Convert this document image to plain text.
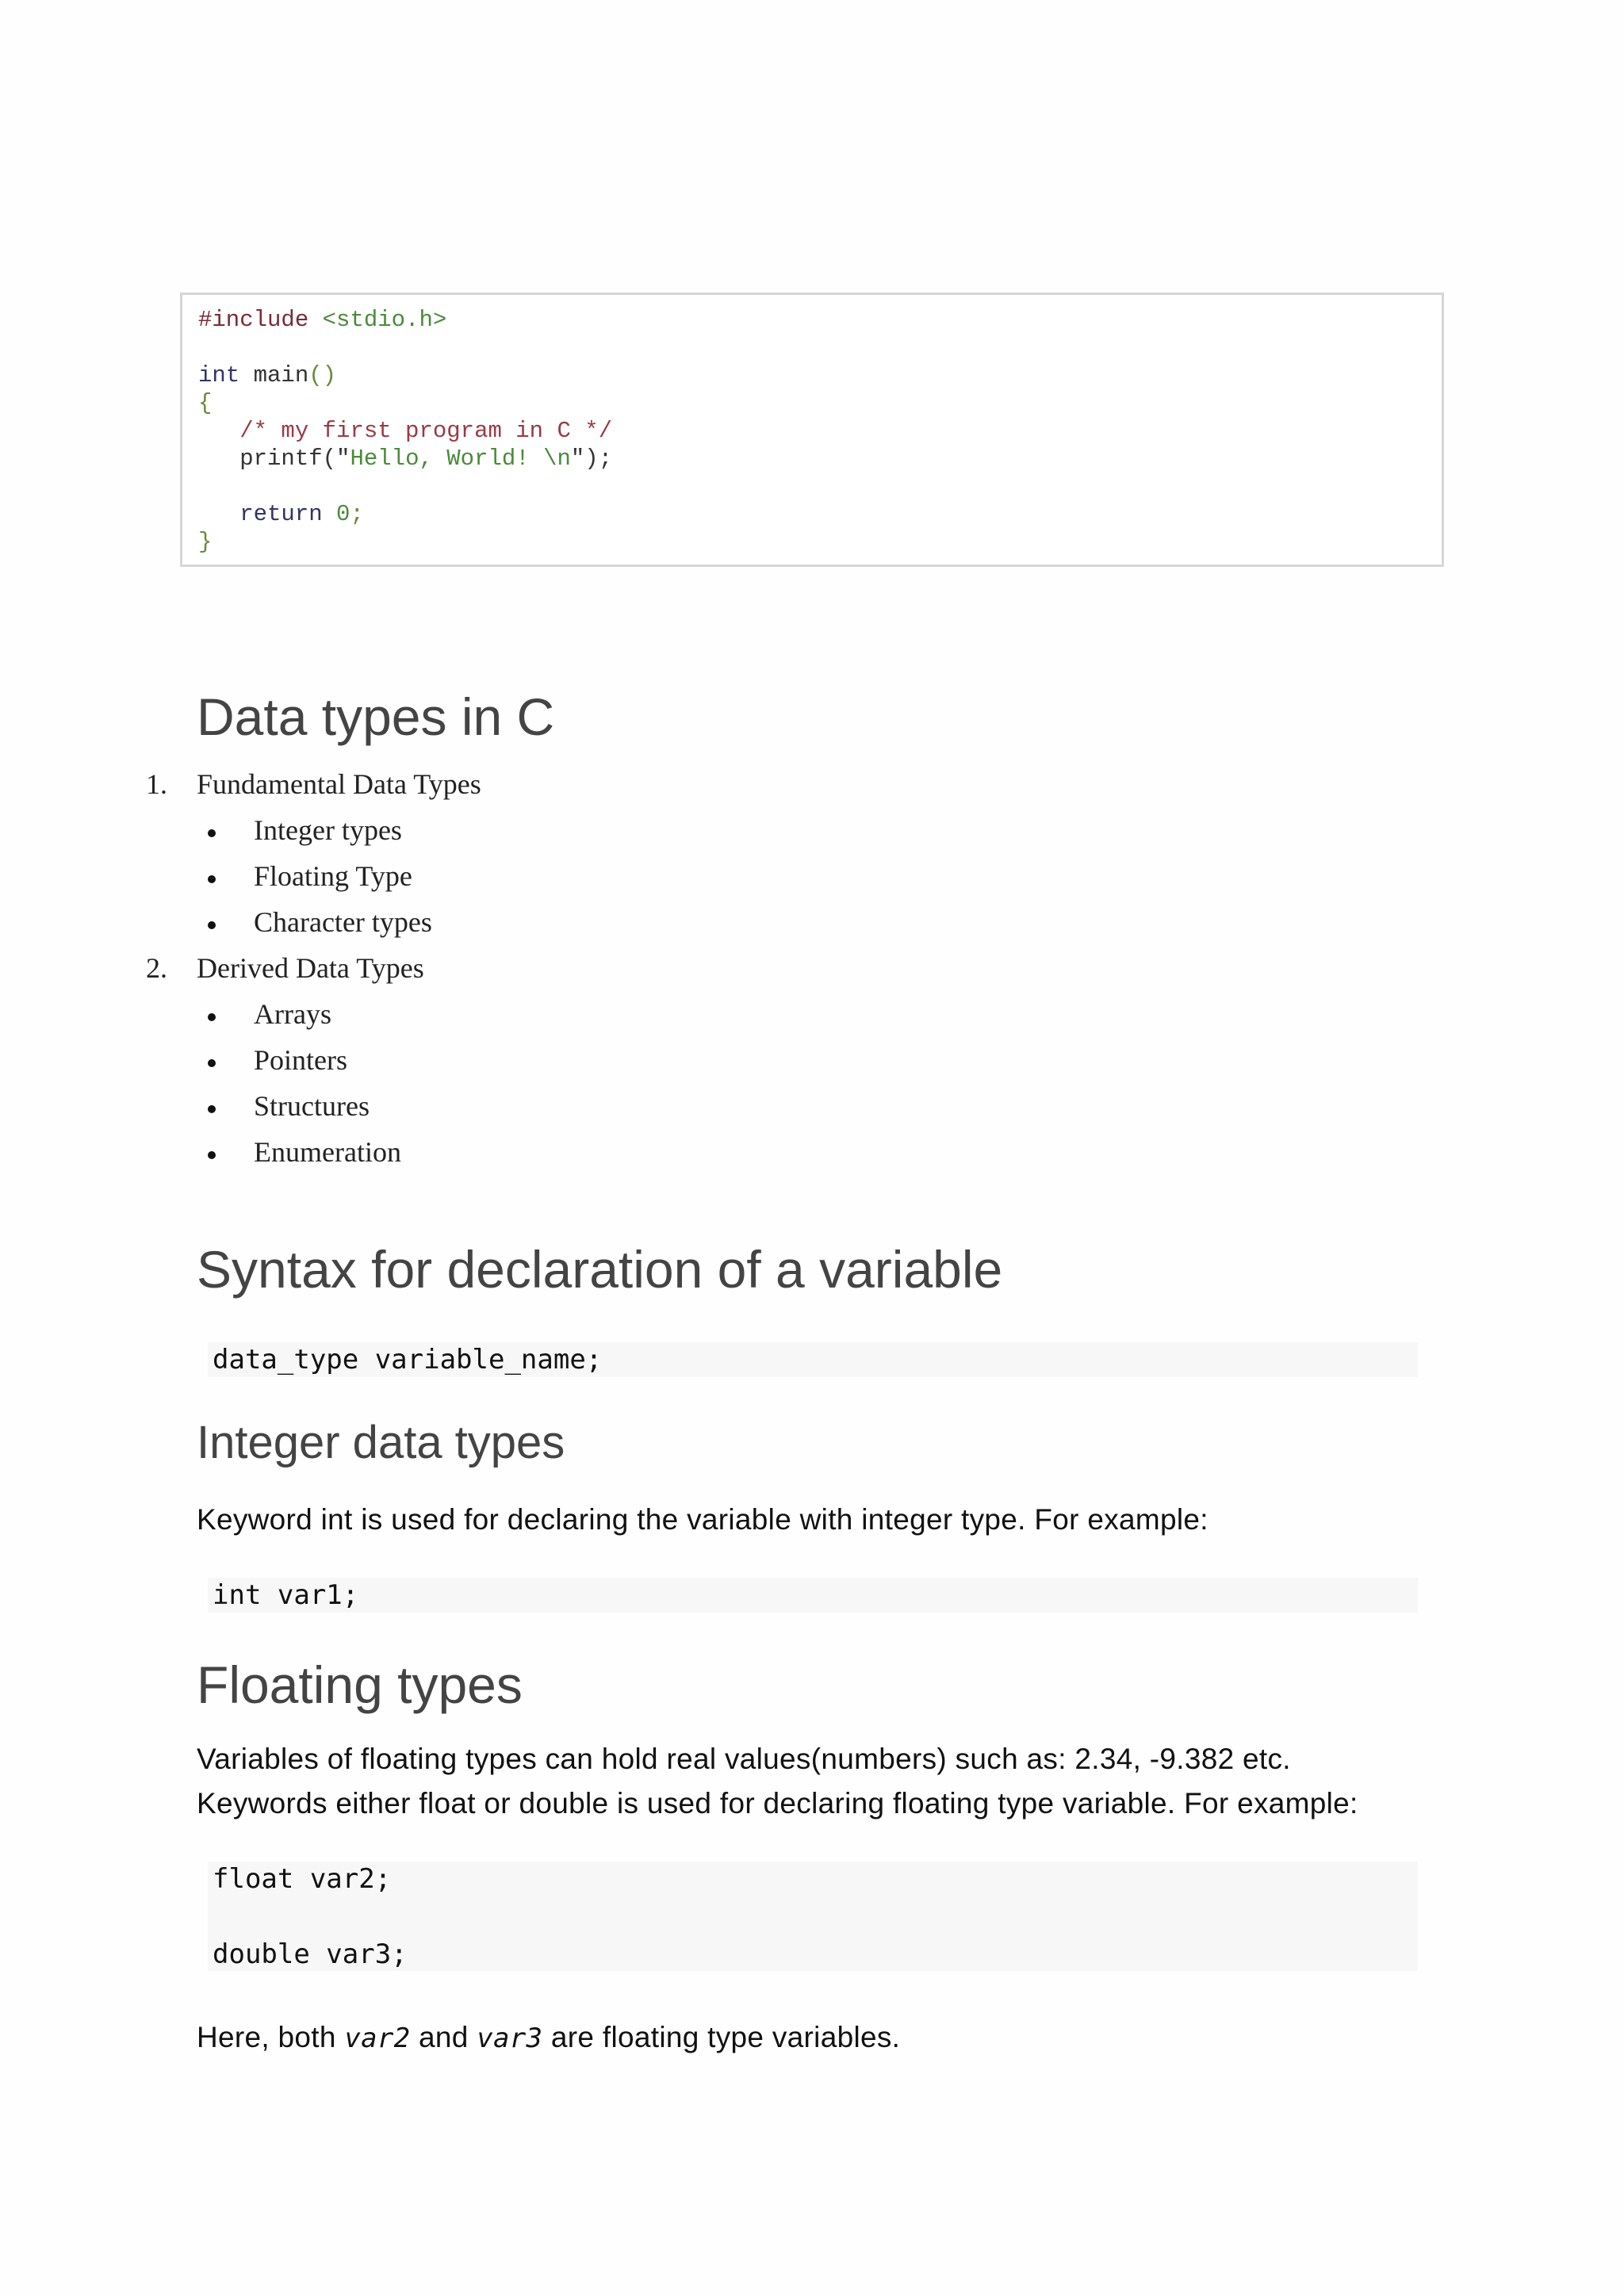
#include <stdio.h>

int main()
{
/* my first program in C */
printf("Hello, World! \n");

return 0;
}
Data types in C
1. Fundamental Data Types
Integer types
Floating Type
Character types
2. Derived Data Types
Arrays
Pointers
Structures
Enumeration
Syntax for declaration of a variable
data_type variable_name;
Integer data types

Keyword int is used for declaring the variable with integer type. For example:

int var1;
Floating types

Variables of floating types can hold real values(numbers) such as: 2.34, -9.382 etc.

Keywords either float or double is used for declaring floating type variable. For example:

float var2;
double var3;

Here, both var2 and var3 are floating type variables.
